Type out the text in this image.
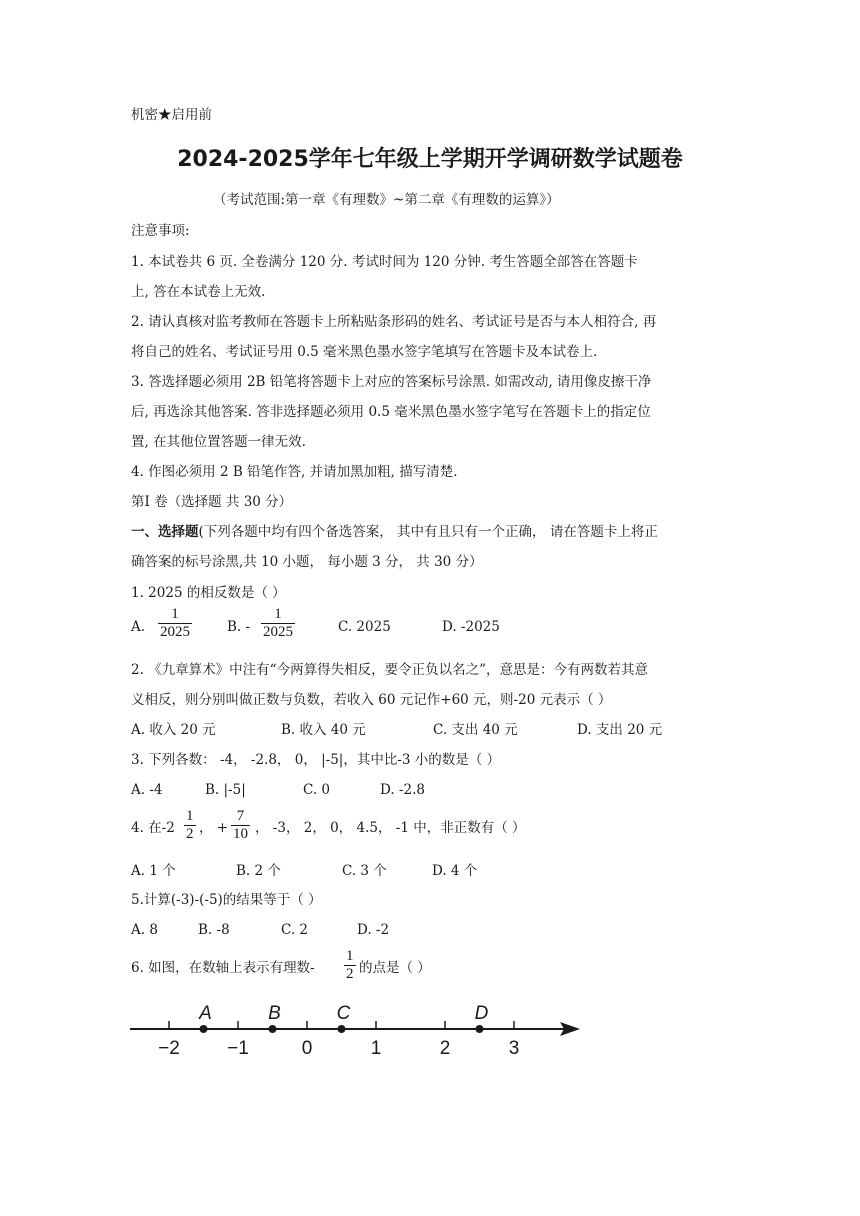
机密★启用前
2024-2025学年七年级上学期开学调研数学试题卷
（考试范围:第一章《有理数》~第二章《有理数的运算》）
注意事项:
1. 本试卷共 6 页. 全卷满分 120 分. 考试时间为 120 分钟. 考生答题全部答在答题卡
上, 答在本试卷上无效.
2. 请认真核对监考教师在答题卡上所粘贴条形码的姓名、考试证号是否与本人相符合, 再
将自己的姓名、考试证号用 0.5 毫米黑色墨水签字笔填写在答题卡及本试卷上.
3. 答选择题必须用 2B 铅笔将答题卡上对应的答案标号涂黑. 如需改动, 请用像皮擦干净
后, 再选涂其他答案. 答非选择题必须用 0.5 毫米黑色墨水签字笔写在答题卡上的指定位
置, 在其他位置答题一律无效.
4. 作图必须用 2 B 铅笔作答, 并请加黑加粗, 描写清楚.
第Ⅰ 卷（选择题 共 30 分）
一、选择题(下列各题中均有四个备选答案， 其中有且只有一个正确， 请在答题卡上将正
确答案的标号涂黑,共 10 小题， 每小题 3 分， 共 30 分）
1. 2025 的相反数是（ ）
A. $\frac{1}{2025}$	B. - $\frac{1}{2025}$	C. 2025	D. -2025
2. 《九章算术》中注有“今两算得失相反，要令正负以名之”，意思是：今有两数若其意
义相反，则分别叫做正数与负数，若收入 60 元记作+60 元，则-20 元表示（ ）
A. 收入 20 元	B. 收入 40 元	C. 支出 40 元	D. 支出 20 元
3. 下列各数： -4， -2.8， 0， |-5|，其中比-3 小的数是（ ）
A. -4	B. |-5|	C. 0	D. -2.8
4. 在$-2 \frac{1}{2}$ ， + $\frac{7}{10}$ ， -3， 2， 0， 4.5， -1 中，非正数有（ ）
A. 1 个	B. 2 个	C. 3 个	D. 4 个
5.计算(-3)-(-5)的结果等于（ ）
A. 8	B. -8	C. 2	D. -2
6. 如图，在数轴上表示有理数- $\frac{1}{2}$ 的点是（ ）
−2 −1	0	1	2	3
A	B	C	D
